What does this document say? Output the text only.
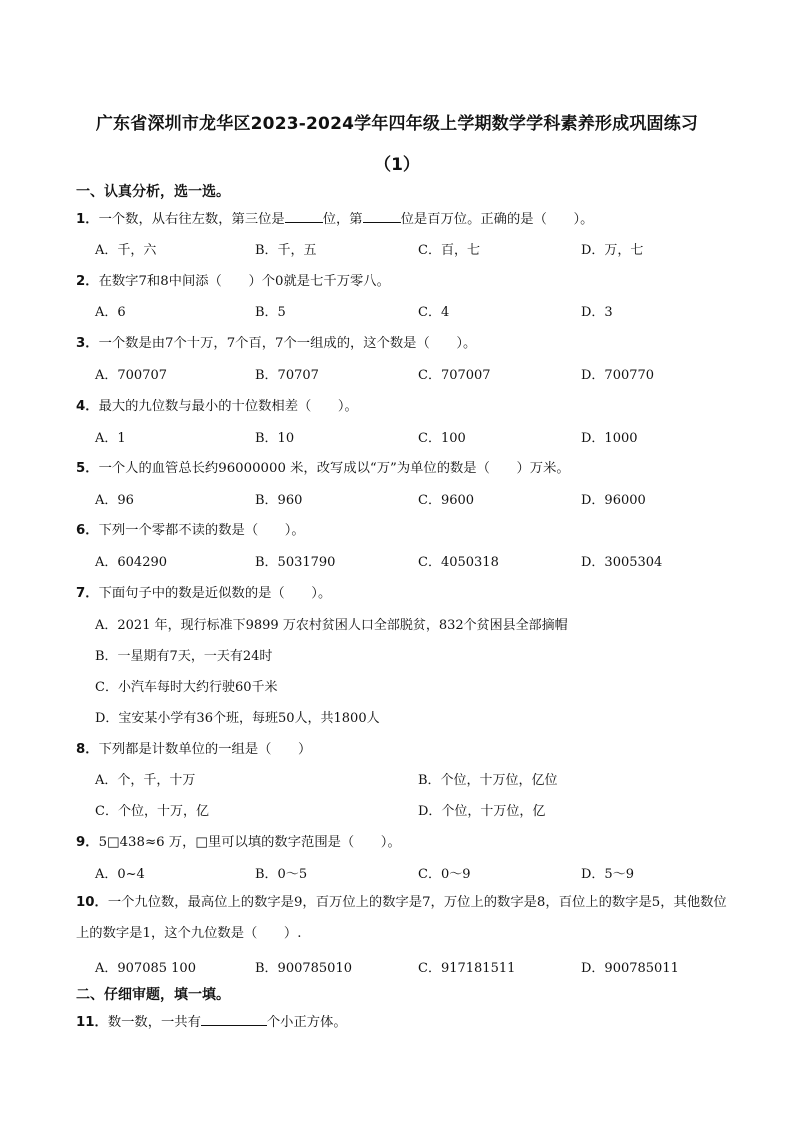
广东省深圳市龙华区2023-2024学年四年级上学期数学学科素养形成巩固练习
（1）
一、认真分析，选一选。
1．一个数，从右往左数，第三位是	位，第	位是百万位。正确的是（　　）。
A．千，六	B．千，五	C．百，七	D．万，七
2．在数字7和8中间添（　　）个0就是七千万零八。
A．6	B．5	C．4	D．3
3．一个数是由7个十万，7个百，7个一组成的，这个数是（　　）。
A．700707	B．70707	C．707007	D．700770
4．最大的九位数与最小的十位数相差（　　）。
A．1	B．10	C．100	D．1000
5．一个人的血管总长约96000000 米，改写成以“万”为单位的数是（　　）万米。
A．96	B．960	C．9600	D．96000
6．下列一个零都不读的数是（　　）。
A．604290	B．5031790	C．4050318	D．3005304
7．下面句子中的数是近似数的是（　　）。
A．2021 年，现行标准下9899 万农村贫困人口全部脱贫，832个贫困县全部摘帽
B．一星期有7天，一天有24时
C．小汽车每时大约行驶60千米
D．宝安某小学有36个班，每班50人，共1800人
8．下列都是计数单位的一组是（　　）
A．个，千，十万	B．个位，十万位，亿位
C．个位，十万，亿	D．个位，十万位，亿
9．5□438≈6 万，□里可以填的数字范围是（　　）。
A．0~4	B．0～5	C．0～9	D．5～9
10．一个九位数，最高位上的数字是9，百万位上的数字是7，万位上的数字是8，百位上的数字是5，其他数位上的数字是1，这个九位数是（　　）.
A．907085 100	B．900785010	C．917181511	D．900785011
二、仔细审题，填一填。
11．数一数，一共有	个小正方体。
